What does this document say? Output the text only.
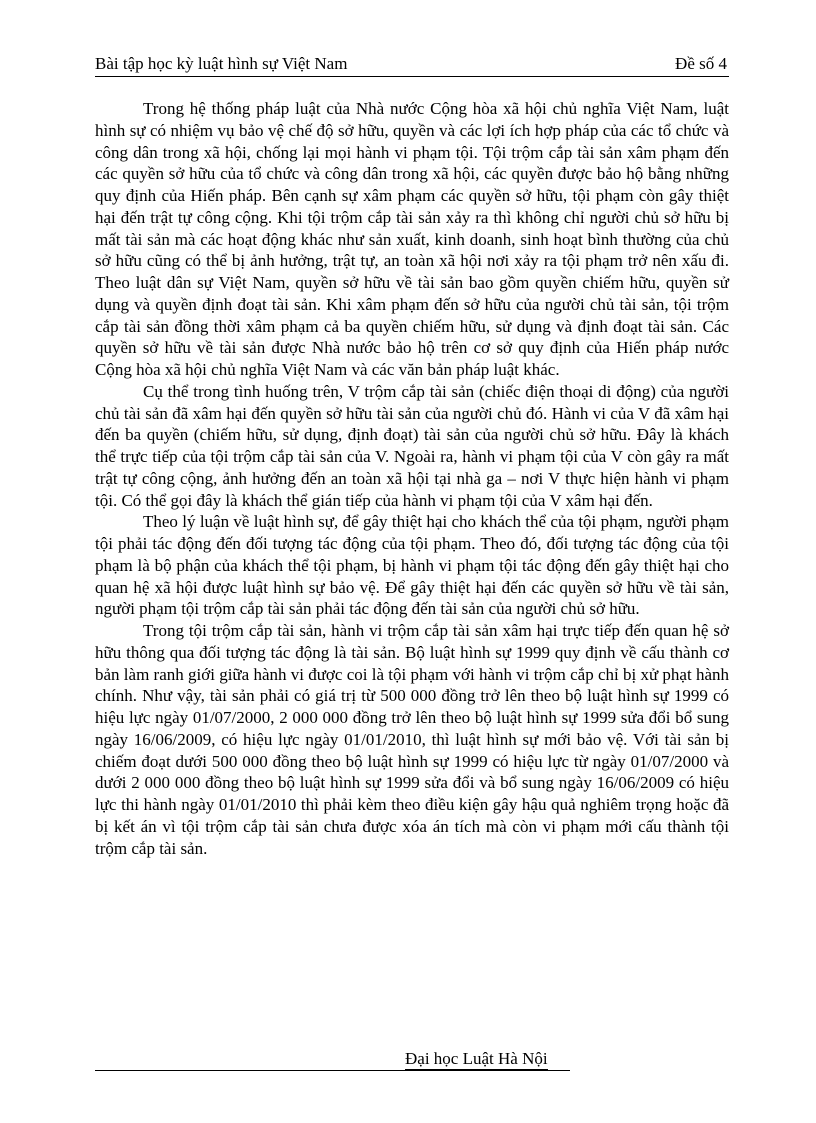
Bài tập học kỳ luật hình sự Việt Nam	Đề số 4

Trong hệ thống pháp luật của Nhà nước Cộng hòa xã hội chủ nghĩa Việt Nam, luật hình sự có nhiệm vụ bảo vệ chế độ sở hữu, quyền và các lợi ích hợp pháp của các tổ chức và công dân trong xã hội, chống lại mọi hành vi phạm tội. Tội trộm cắp tài sản xâm phạm đến các quyền sở hữu của tổ chức và công dân trong xã hội, các quyền được bảo hộ bằng những quy định của Hiến pháp. Bên cạnh sự xâm phạm các quyền sở hữu, tội phạm còn gây thiệt hại đến trật tự công cộng. Khi tội trộm cắp tài sản xảy ra thì không chỉ người chủ sở hữu bị mất tài sản mà các hoạt động khác như sản xuất, kinh doanh, sinh hoạt bình thường của chủ sở hữu cũng có thể bị ảnh hưởng, trật tự, an toàn xã hội nơi xảy ra tội phạm trở nên xấu đi. Theo luật dân sự Việt Nam, quyền sở hữu về tài sản bao gồm quyền chiếm hữu, quyền sử dụng và quyền định đoạt tài sản. Khi xâm phạm đến sở hữu của người chủ tài sản, tội trộm cắp tài sản đồng thời xâm phạm cả ba quyền chiếm hữu, sử dụng và định đoạt tài sản. Các quyền sở hữu về tài sản được Nhà nước bảo hộ trên cơ sở quy định của Hiến pháp nước Cộng hòa xã hội chủ nghĩa Việt Nam và các văn bản pháp luật khác.

Cụ thể trong tình huống trên, V trộm cắp tài sản (chiếc điện thoại di động) của người chủ tài sản đã xâm hại đến quyền sở hữu tài sản của người chủ đó. Hành vi của V đã xâm hại đến ba quyền (chiếm hữu, sử dụng, định đoạt) tài sản của người chủ sở hữu. Đây là khách thể trực tiếp của tội trộm cắp tài sản của V. Ngoài ra, hành vi phạm tội của V còn gây ra mất trật tự công cộng, ảnh hưởng đến an toàn xã hội tại nhà ga – nơi V thực hiện hành vi phạm tội. Có thể gọi đây là khách thể gián tiếp của hành vi phạm tội của V xâm hại đến.

Theo lý luận về luật hình sự, để gây thiệt hại cho khách thể của tội phạm, người phạm tội phải tác động đến đối tượng tác động của tội phạm. Theo đó, đối tượng tác động của tội phạm là bộ phận của khách thể tội phạm, bị hành vi phạm tội tác động đến gây thiệt hại cho quan hệ xã hội được luật hình sự bảo vệ. Để gây thiệt hại đến các quyền sở hữu về tài sản, người phạm tội trộm cắp tài sản phải tác động đến tài sản của người chủ sở hữu.

Trong tội trộm cắp tài sản, hành vi trộm cắp tài sản xâm hại trực tiếp đến quan hệ sở hữu thông qua đối tượng tác động là tài sản. Bộ luật hình sự 1999 quy định về cấu thành cơ bản làm ranh giới giữa hành vi được coi là tội phạm với hành vi trộm cắp chỉ bị xử phạt hành chính. Như vậy, tài sản phải có giá trị từ 500 000 đồng trở lên theo bộ luật hình sự 1999 có hiệu lực ngày 01/07/2000, 2 000 000 đồng trở lên theo bộ luật hình sự 1999 sửa đổi bổ sung ngày 16/06/2009, có hiệu lực ngày 01/01/2010, thì luật hình sự mới bảo vệ. Với tài sản bị chiếm đoạt dưới 500 000 đồng theo bộ luật hình sự 1999 có hiệu lực từ ngày 01/07/2000 và dưới 2 000 000 đồng theo bộ luật hình sự 1999 sửa đổi và bổ sung ngày 16/06/2009 có hiệu lực thi hành ngày 01/01/2010 thì phải kèm theo điều kiện gây hậu quả nghiêm trọng hoặc đã bị kết án vì tội trộm cắp tài sản chưa được xóa án tích mà còn vi phạm mới cấu thành tội trộm cắp tài sản.

Đại học Luật Hà Nội
